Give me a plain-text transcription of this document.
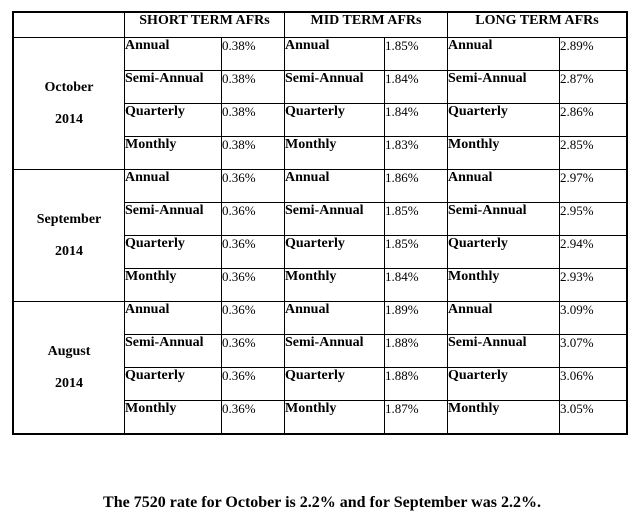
	SHORT TERM AFRs		MID TERM AFRs		LONG TERM AFRs	

October
2014	Annual	0.38%	Annual	1.85%	Annual	2.89%
	Semi-Annual	0.38%	Semi-Annual	1.84%	Semi-Annual	2.87%
	Quarterly	0.38%	Quarterly	1.84%	Quarterly	2.86%
	Monthly	0.38%	Monthly	1.83%	Monthly	2.85%

September
2014	Annual	0.36%	Annual	1.86%	Annual	2.97%
	Semi-Annual	0.36%	Semi-Annual	1.85%	Semi-Annual	2.95%
	Quarterly	0.36%	Quarterly	1.85%	Quarterly	2.94%
	Monthly	0.36%	Monthly	1.84%	Monthly	2.93%

August
2014	Annual	0.36%	Annual	1.89%	Annual	3.09%
	Semi-Annual	0.36%	Semi-Annual	1.88%	Semi-Annual	3.07%
	Quarterly	0.36%	Quarterly	1.88%	Quarterly	3.06%
	Monthly	0.36%	Monthly	1.87%	Monthly	3.05%
The 7520 rate for October is 2.2% and for September was 2.2%.
